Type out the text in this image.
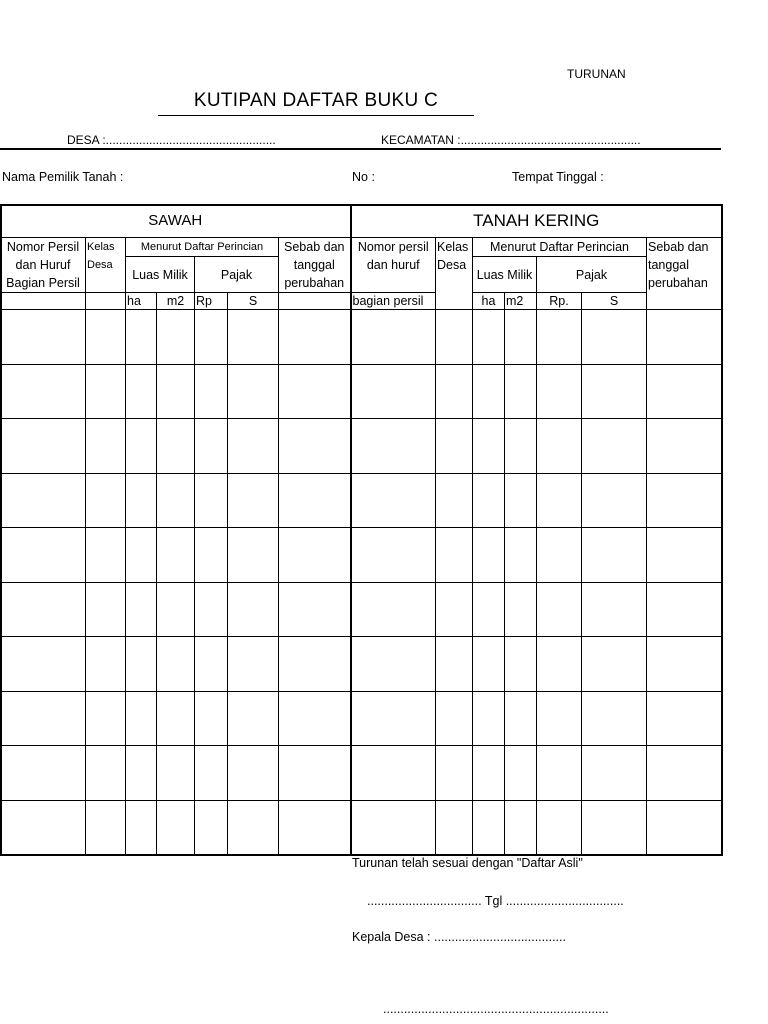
TURUNAN
KUTIPAN DAFTAR BUKU C
DESA :...................................................	KECAMATAN :......................................................
Nama Pemilik Tanah :	No :	Tempat Tinggal :
SAWAH							TANAH KERING						
Nomor Persil dan Huruf Bagian Persil	Kelas Desa	Menurut Daftar Perincian				Sebab dan tanggal perubahan	Nomor persil dan huruf	Kelas Desa	Menurut Daftar Perincian				Sebab dan tanggal perubahan
		Luas Milik		Pajak					Luas Milik		Pajak		
		ha	m2	Rp	S		bagian persil		ha	m2	Rp.	S	

Turunan telah sesuai dengan "Daftar Asli"
................................. Tgl ..................................
Kepala Desa : ......................................
.................................................................
